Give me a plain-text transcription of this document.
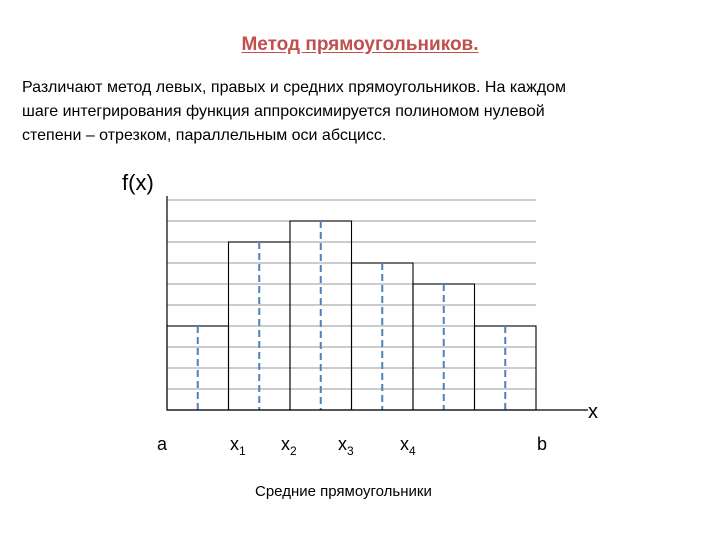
Метод прямоугольников.
Различают метод левых, правых и средних прямоугольников. На каждом
шаге интегрирования функция аппроксимируется полиномом нулевой
степени – отрезком, параллельным оси абсцисс.
f(x)
x
a	$x_1$ $x_2$ $x_3$	$x_4$	b
Средние прямоугольники
